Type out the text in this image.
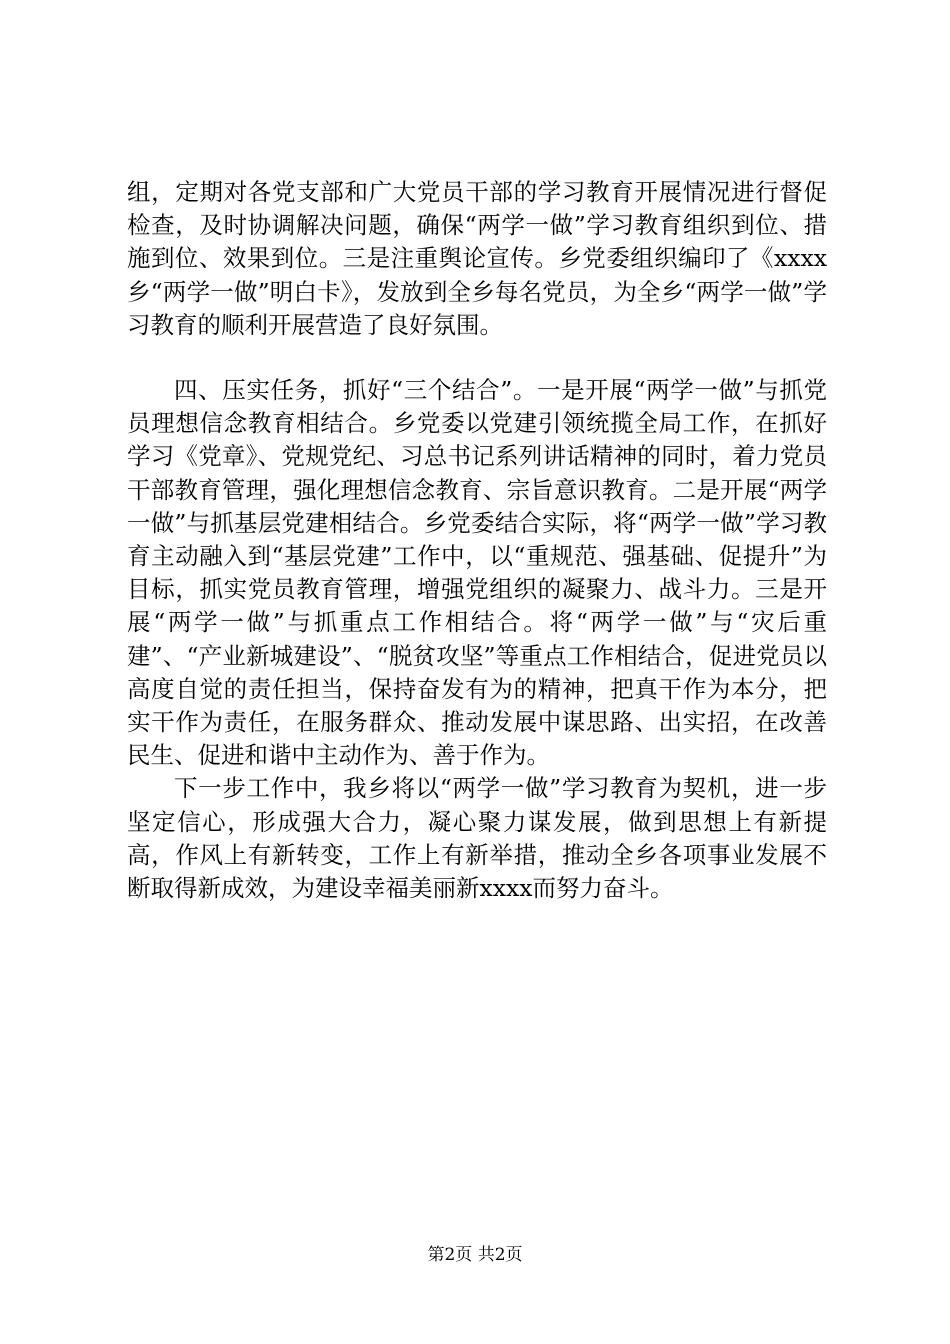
组，定期对各党支部和广大党员干部的学习教育开展情况进行督促检查，及时协调解决问题，确保“两学一做”学习教育组织到位、措施到位、效果到位。三是注重舆论宣传。乡党委组织编印了《xxxx乡“两学一做”明白卡》，发放到全乡每名党员，为全乡“两学一做”学习教育的顺利开展营造了良好氛围。

四、压实任务，抓好“三个结合”。一是开展“两学一做”与抓党员理想信念教育相结合。乡党委以党建引领统揽全局工作，在抓好学习《党章》、党规党纪、习总书记系列讲话精神的同时，着力党员干部教育管理，强化理想信念教育、宗旨意识教育。二是开展“两学一做”与抓基层党建相结合。乡党委结合实际，将“两学一做”学习教育主动融入到“基层党建”工作中，以“重规范、强基础、促提升”为目标，抓实党员教育管理，增强党组织的凝聚力、战斗力。三是开展“两学一做”与抓重点工作相结合。将“两学一做”与“灾后重建”、“产业新城建设”、“脱贫攻坚”等重点工作相结合，促进党员以高度自觉的责任担当，保持奋发有为的精神，把真干作为本分，把实干作为责任，在服务群众、推动发展中谋思路、出实招，在改善民生、促进和谐中主动作为、善于作为。

下一步工作中，我乡将以“两学一做”学习教育为契机，进一步坚定信心，形成强大合力，凝心聚力谋发展，做到思想上有新提高，作风上有新转变，工作上有新举措，推动全乡各项事业发展不断取得新成效，为建设幸福美丽新xxxx而努力奋斗。

第2页 共2页
